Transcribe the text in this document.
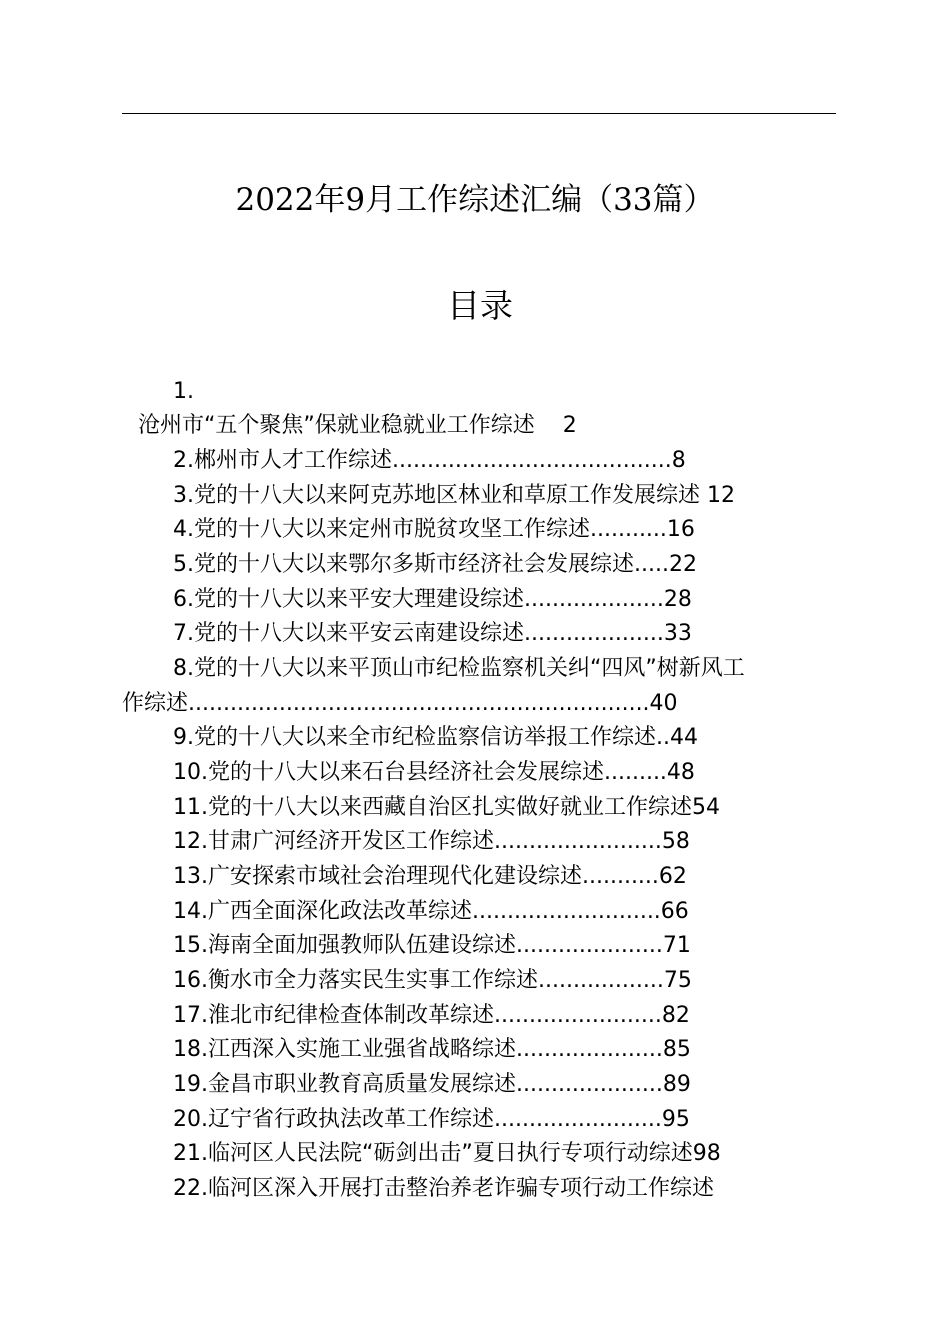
2022年9月工作综述汇编（33篇）
目录
1.
沧州市“五个聚焦”保就业稳就业工作综述    2
2.郴州市人才工作综述........................................8
3.党的十八大以来阿克苏地区林业和草原工作发展综述 12
4.党的十八大以来定州市脱贫攻坚工作综述...........16
5.党的十八大以来鄂尔多斯市经济社会发展综述.....22
6.党的十八大以来平安大理建设综述....................28
7.党的十八大以来平安云南建设综述....................33
8.党的十八大以来平顶山市纪检监察机关纠“四风”树新风工
作综述..................................................................40
9.党的十八大以来全市纪检监察信访举报工作综述..44
10.党的十八大以来石台县经济社会发展综述.........48
11.党的十八大以来西藏自治区扎实做好就业工作综述54
12.甘肃广河经济开发区工作综述........................58
13.广安探索市域社会治理现代化建设综述...........62
14.广西全面深化政法改革综述...........................66
15.海南全面加强教师队伍建设综述.....................71
16.衡水市全力落实民生实事工作综述..................75
17.淮北市纪律检查体制改革综述........................82
18.江西深入实施工业强省战略综述.....................85
19.金昌市职业教育高质量发展综述.....................89
20.辽宁省行政执法改革工作综述........................95
21.临河区人民法院“砺剑出击”夏日执行专项行动综述98
22.临河区深入开展打击整治养老诈骗专项行动工作综述
